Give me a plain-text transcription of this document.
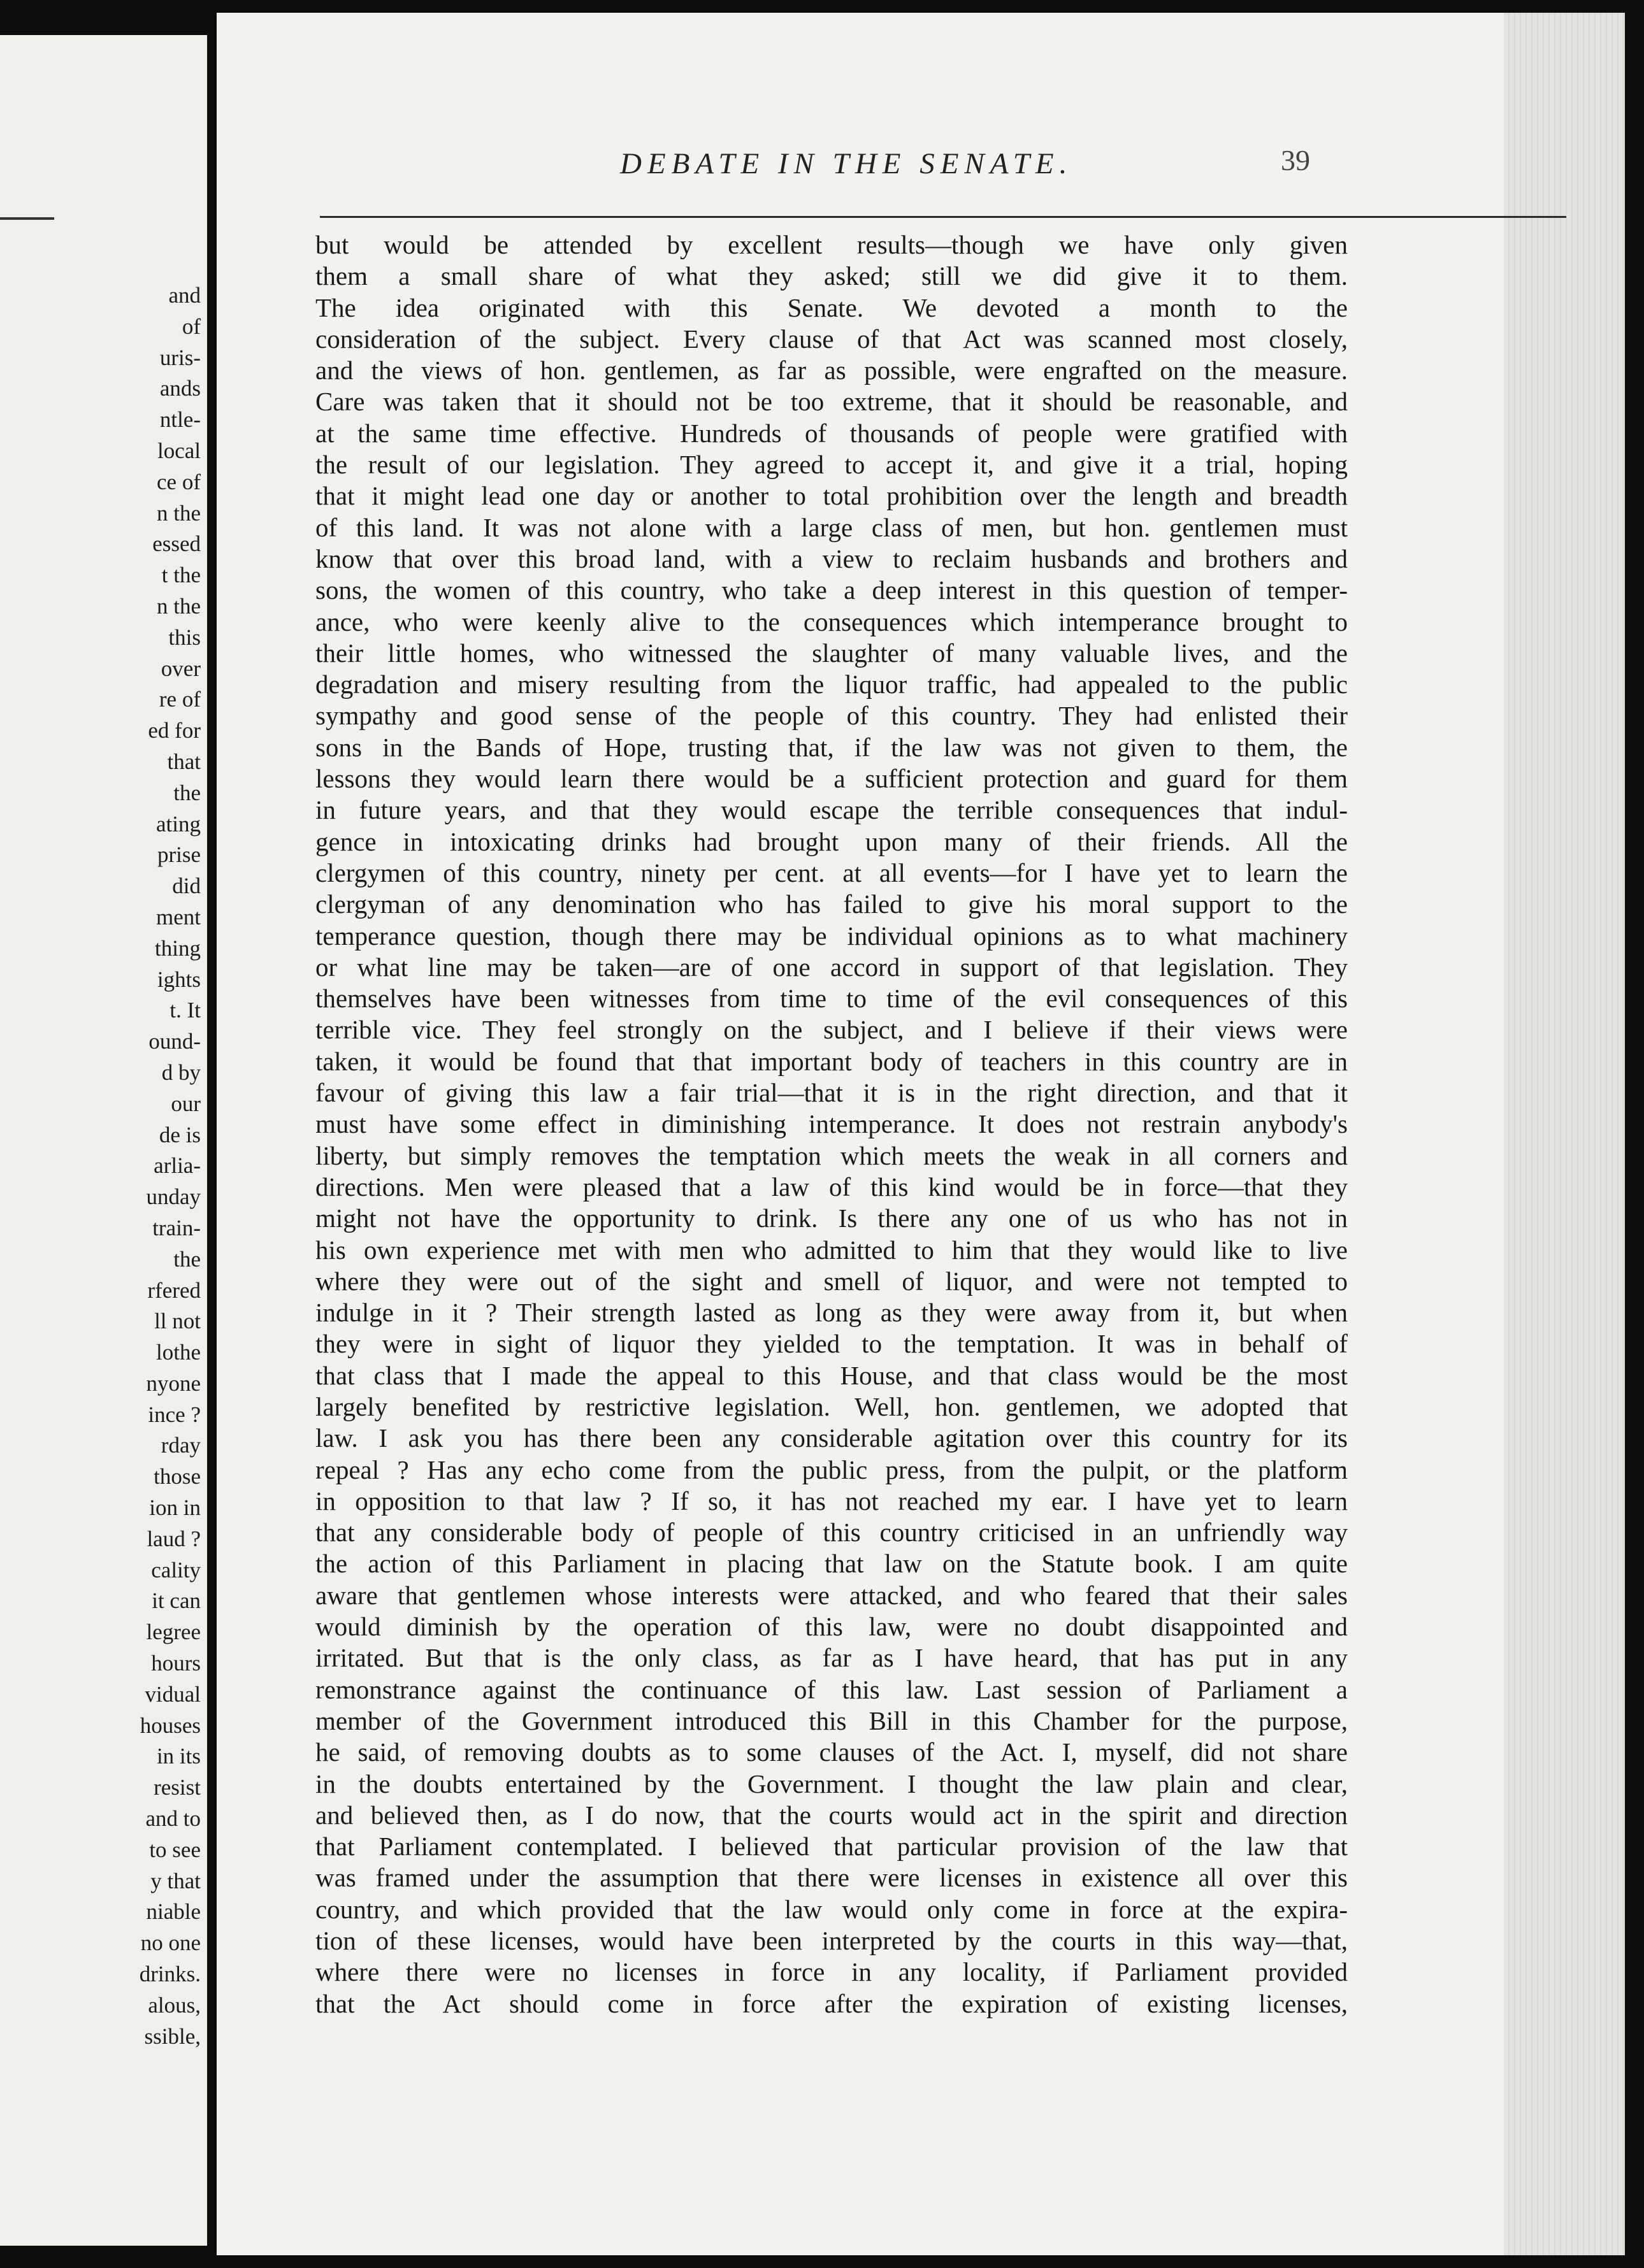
and
of
uris-
ands
ntle-
local
ce of
n the
essed
t the
n the
this
over
re of
ed for
that
the
ating
prise
did
ment
thing
ights
t. It
ound-
d by
our
de is
arlia-
unday
train-
the
rfered
ll not
lothe
nyone
ince ?
rday
those
ion in
laud ?
cality
it can
legree
hours
vidual
houses
in its
resist
and to
to see
y that
niable
no one
drinks.
alous,
ssible,
DEBATE IN THE SENATE.	39
but would be attended by excellent results—though we have only given
them a small share of what they asked; still we did give it to them.
The idea originated with this Senate. We devoted a month to the
consideration of the subject. Every clause of that Act was scanned most closely,
and the views of hon. gentlemen, as far as possible, were engrafted on the measure.
Care was taken that it should not be too extreme, that it should be reasonable, and
at the same time effective. Hundreds of thousands of people were gratified with
the result of our legislation. They agreed to accept it, and give it a trial, hoping
that it might lead one day or another to total prohibition over the length and breadth
of this land. It was not alone with a large class of men, but hon. gentlemen must
know that over this broad land, with a view to reclaim husbands and brothers and
sons, the women of this country, who take a deep interest in this question of temper-
ance, who were keenly alive to the consequences which intemperance brought to
their little homes, who witnessed the slaughter of many valuable lives, and the
degradation and misery resulting from the liquor traffic, had appealed to the public
sympathy and good sense of the people of this country. They had enlisted their
sons in the Bands of Hope, trusting that, if the law was not given to them, the
lessons they would learn there would be a sufficient protection and guard for them
in future years, and that they would escape the terrible consequences that indul-
gence in intoxicating drinks had brought upon many of their friends. All the
clergymen of this country, ninety per cent. at all events—for I have yet to learn the
clergyman of any denomination who has failed to give his moral support to the
temperance question, though there may be individual opinions as to what machinery
or what line may be taken—are of one accord in support of that legislation. They
themselves have been witnesses from time to time of the evil consequences of this
terrible vice. They feel strongly on the subject, and I believe if their views were
taken, it would be found that that important body of teachers in this country are in
favour of giving this law a fair trial—that it is in the right direction, and that it
must have some effect in diminishing intemperance. It does not restrain anybody's
liberty, but simply removes the temptation which meets the weak in all corners and
directions. Men were pleased that a law of this kind would be in force—that they
might not have the opportunity to drink. Is there any one of us who has not in
his own experience met with men who admitted to him that they would like to live
where they were out of the sight and smell of liquor, and were not tempted to
indulge in it ? Their strength lasted as long as they were away from it, but when
they were in sight of liquor they yielded to the temptation. It was in behalf of
that class that I made the appeal to this House, and that class would be the most
largely benefited by restrictive legislation. Well, hon. gentlemen, we adopted that
law. I ask you has there been any considerable agitation over this country for its
repeal ? Has any echo come from the public press, from the pulpit, or the platform
in opposition to that law ? If so, it has not reached my ear. I have yet to learn
that any considerable body of people of this country criticised in an unfriendly way
the action of this Parliament in placing that law on the Statute book. I am quite
aware that gentlemen whose interests were attacked, and who feared that their sales
would diminish by the operation of this law, were no doubt disappointed and
irritated. But that is the only class, as far as I have heard, that has put in any
remonstrance against the continuance of this law. Last session of Parliament a
member of the Government introduced this Bill in this Chamber for the purpose,
he said, of removing doubts as to some clauses of the Act. I, myself, did not share
in the doubts entertained by the Government. I thought the law plain and clear,
and believed then, as I do now, that the courts would act in the spirit and direction
that Parliament contemplated. I believed that particular provision of the law that
was framed under the assumption that there were licenses in existence all over this
country, and which provided that the law would only come in force at the expira-
tion of these licenses, would have been interpreted by the courts in this way—that,
where there were no licenses in force in any locality, if Parliament provided
that the Act should come in force after the expiration of existing licenses,
